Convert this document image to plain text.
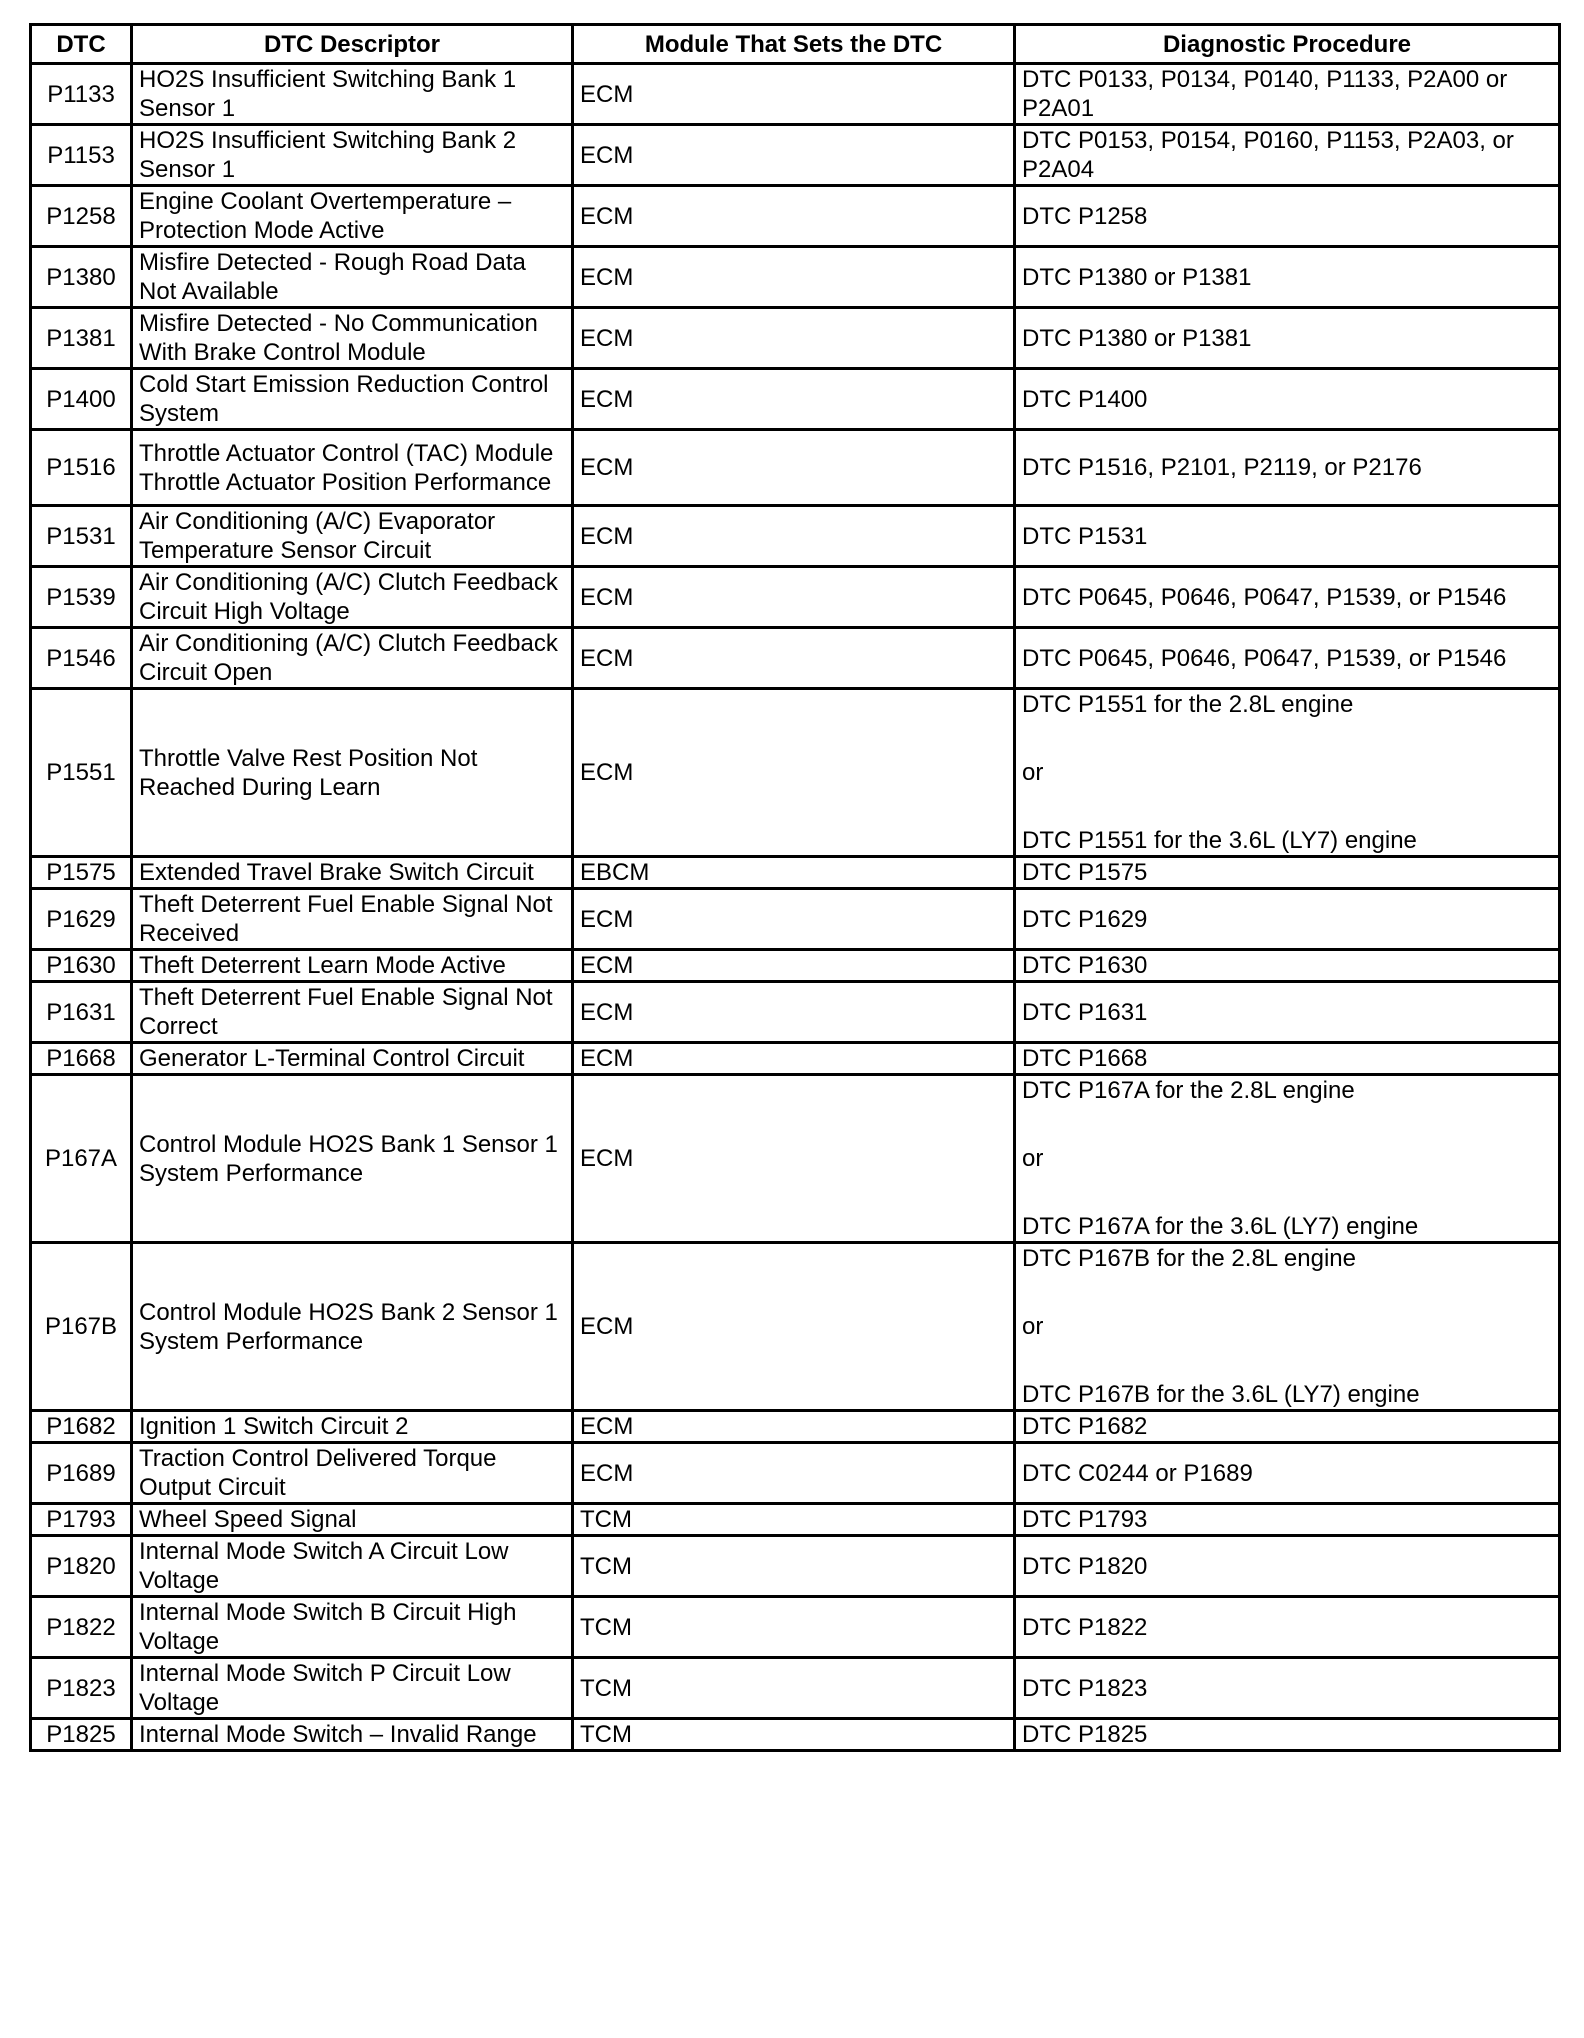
DTC	DTC Descriptor	Module That Sets the DTC	Diagnostic Procedure
P1133	HO2S Insufficient Switching Bank 1 Sensor 1	ECM	DTC P0133, P0134, P0140, P1133, P2A00 or P2A01

P1153	HO2S Insufficient Switching Bank 2 Sensor 1	ECM	DTC P0153, P0154, P0160, P1153, P2A03, or P2A04

P1258	Engine Coolant Overtemperature – Protection Mode Active	ECM	DTC P1258

P1380	Misfire Detected - Rough Road Data Not Available	ECM	DTC P1380 or P1381

P1381	Misfire Detected - No Communication With Brake Control Module	ECM	DTC P1380 or P1381

P1400	Cold Start Emission Reduction Control System	ECM	DTC P1400

P1516	Throttle Actuator Control (TAC) Module Throttle Actuator Position Performance	ECM	DTC P1516, P2101, P2119, or P2176

P1531	Air Conditioning (A/C) Evaporator Temperature Sensor Circuit	ECM	DTC P1531

P1539	Air Conditioning (A/C) Clutch Feedback Circuit High Voltage	ECM	DTC P0645, P0646, P0647, P1539, or P1546

P1546	Air Conditioning (A/C) Clutch Feedback Circuit Open	ECM	DTC P0645, P0646, P0647, P1539, or P1546

P1551	Throttle Valve Rest Position Not Reached During Learn	ECM	DTC P1551 for the 2.8L engine
or
DTC P1551 for the 3.6L (LY7) engine

P1575	Extended Travel Brake Switch Circuit	EBCM	DTC P1575

P1629	Theft Deterrent Fuel Enable Signal Not Received	ECM	DTC P1629

P1630	Theft Deterrent Learn Mode Active	ECM	DTC P1630

P1631	Theft Deterrent Fuel Enable Signal Not Correct	ECM	DTC P1631

P1668	Generator L-Terminal Control Circuit	ECM	DTC P1668

P167A	Control Module HO2S Bank 1 Sensor 1 System Performance	ECM	DTC P167A for the 2.8L engine
or
DTC P167A for the 3.6L (LY7) engine

P167B	Control Module HO2S Bank 2 Sensor 1 System Performance	ECM	DTC P167B for the 2.8L engine
or
DTC P167B for the 3.6L (LY7) engine

P1682	Ignition 1 Switch Circuit 2	ECM	DTC P1682

P1689	Traction Control Delivered Torque Output Circuit	ECM	DTC C0244 or P1689

P1793	Wheel Speed Signal	TCM	DTC P1793

P1820	Internal Mode Switch A Circuit Low Voltage	TCM	DTC P1820

P1822	Internal Mode Switch B Circuit High Voltage	TCM	DTC P1822

P1823	Internal Mode Switch P Circuit Low Voltage	TCM	DTC P1823

P1825	Internal Mode Switch – Invalid Range	TCM	DTC P1825
